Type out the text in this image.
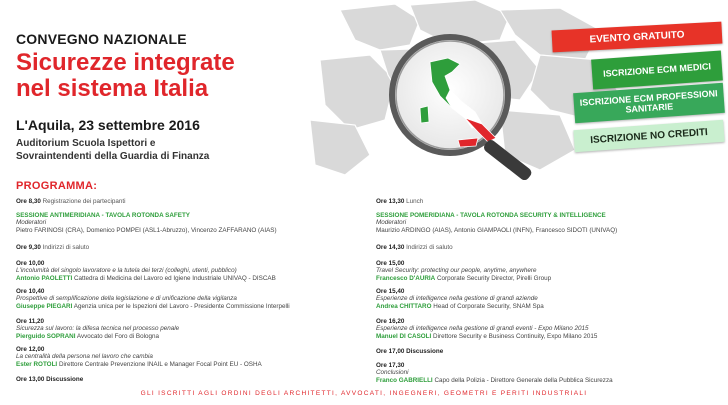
CONVEGNO NAZIONALE
Sicurezze integrate
nel sistema Italia
L'Aquila, 23 settembre 2016
Auditorium Scuola Ispettori e
Sovraintendenti della Guardia di Finanza
EVENTO GRATUITO
ISCRIZIONE ECM MEDICI
ISCRIZIONE ECM PROFESSIONI SANITARIE
ISCRIZIONE NO CREDITI
PROGRAMMA:
Ore 8,30 Registrazione dei partecipanti
SESSIONE ANTIMERIDIANA - TAVOLA ROTONDA SAFETY
Moderatori
Pietro FARINOSI (CRA), Domenico POMPEI (ASL1-Abruzzo), Vincenzo ZAFFARANO (AIAS)
Ore 9,30 Indirizzi di saluto
Ore 10,00
L'incolumità del singolo lavoratore e la tutela dei terzi (colleghi, utenti, pubblico)
Antonio PAOLETTI Cattedra di Medicina del Lavoro ed Igiene Industriale UNIVAQ - DISCAB
Ore 10,40
Prospettive di semplificazione della legislazione e di unificazione della vigilanza
Giuseppe PIEGARI Agenzia unica per le Ispezioni del Lavoro - Presidente Commissione Interpelli
Ore 11,20
Sicurezza sul lavoro: la difesa tecnica nel processo penale
Pierguido SOPRANI Avvocato del Foro di Bologna
Ore 12,00
La centralità della persona nel lavoro che cambia
Ester ROTOLI Direttore Centrale Prevenzione INAIL e Manager Focal Point EU - OSHA
Ore 13,00 Discussione
Ore 13,30 Lunch
SESSIONE POMERIDIANA - TAVOLA ROTONDA SECURITY & INTELLIGENCE
Moderatori
Maurizio ARDINGO (AIAS), Antonio GIAMPAOLI (INFN), Francesco SIDOTI (UNIVAQ)
Ore 14,30 Indirizzi di saluto
Ore 15,00
Travel Security: protecting our people, anytime, anywhere
Francesco D'AURIA Corporate Security Director, Pirelli Group
Ore 15,40
Esperienze di intelligence nella gestione di grandi aziende
Andrea CHITTARO Head of Corporate Security, SNAM Spa
Ore 16,20
Esperienze di intelligence nella gestione di grandi eventi - Expo Milano 2015
Manuel DI CASOLI Direttore Security e Business Continuity, Expo Milano 2015
Ore 17,00 Discussione
Ore 17,30
Conclusioni
Franco GABRIELLI Capo della Polizia - Direttore Generale della Pubblica Sicurezza
GLI ISCRITTI AGLI ORDINI DEGLI ARCHITETTI, AVVOCATI, INGEGNERI, GEOMETRI E PERITI INDUSTRIALI
